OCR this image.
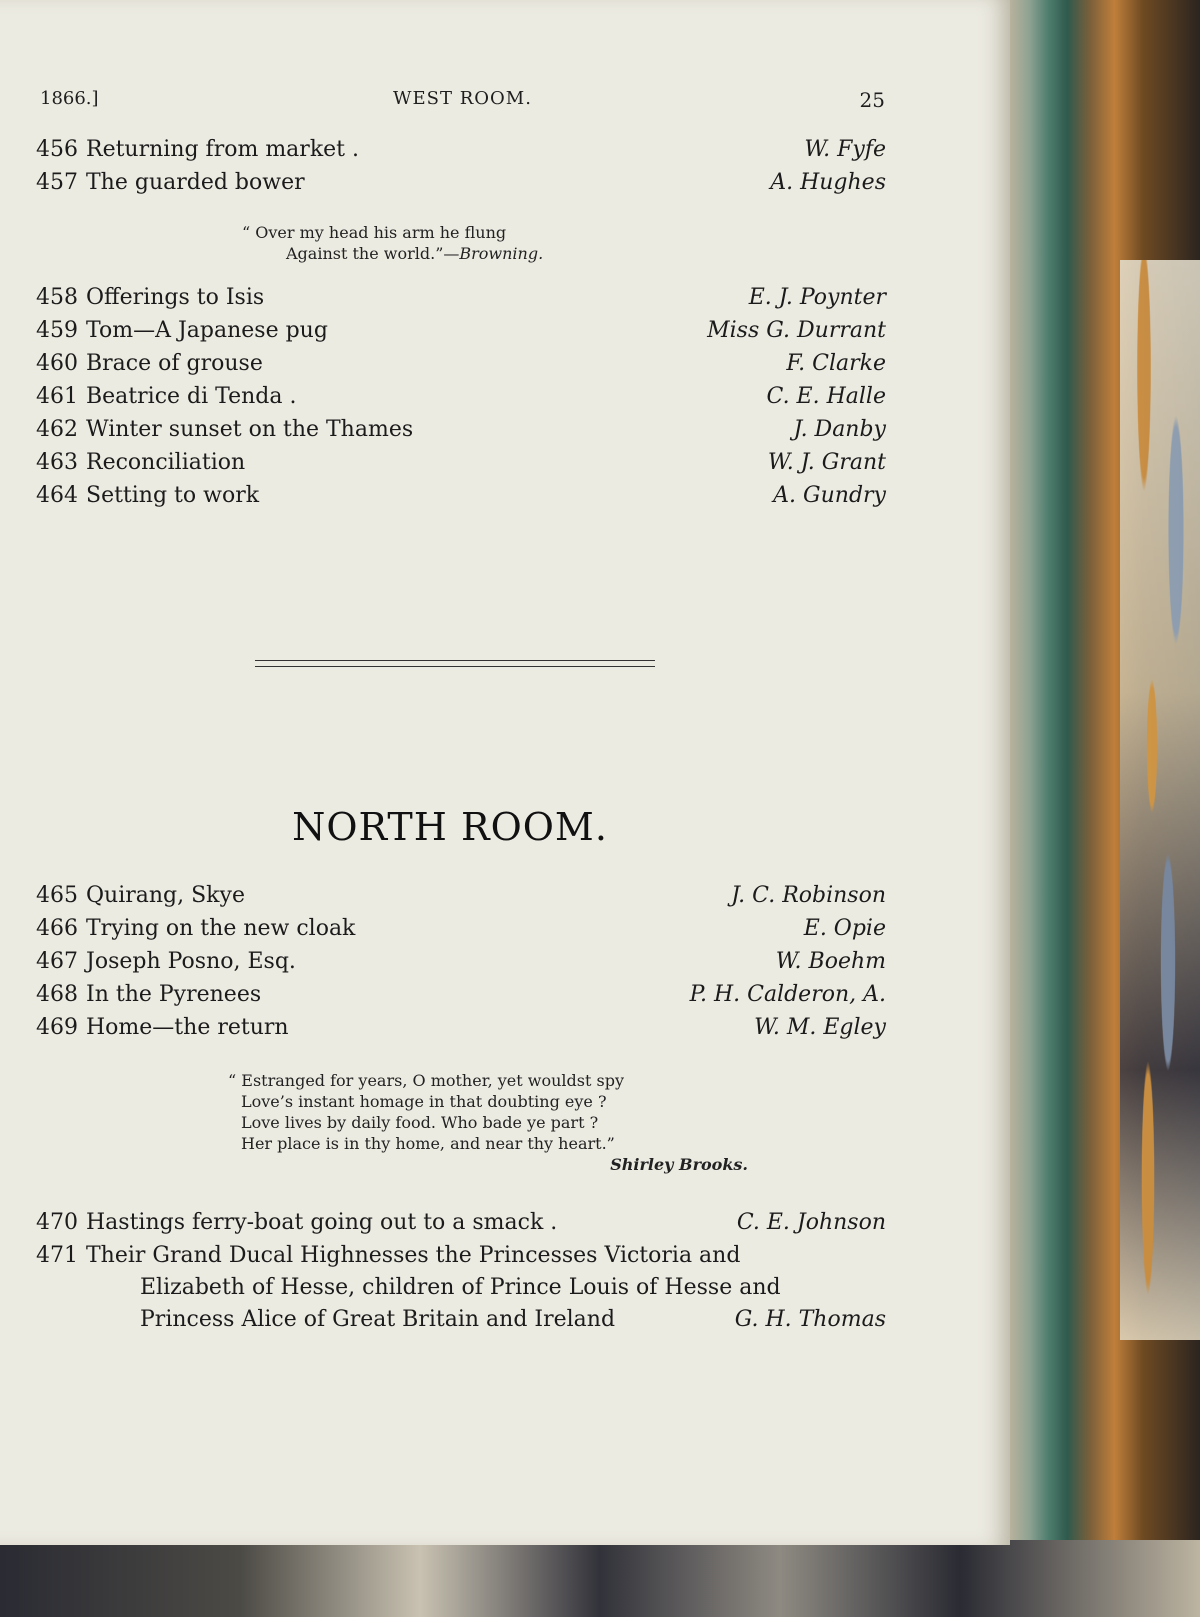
1866.]	WEST ROOM.	25
456 Returning from market .	W. Fyfe
457 The guarded bower	A. Hughes
“ Over my head his arm he flung
Against the world.”—Browning.
458 Offerings to Isis	E. J. Poynter
459 Tom—A Japanese pug	Miss G. Durrant
460 Brace of grouse	F. Clarke
461 Beatrice di Tenda .	C. E. Halle
462 Winter sunset on the Thames	J. Danby
463 Reconciliation	W. J. Grant
464 Setting to work	A. Gundry
NORTH ROOM.
465 Quirang, Skye	J. C. Robinson
466 Trying on the new cloak	E. Opie
467 Joseph Posno, Esq.	W. Boehm
468 In the Pyrenees	P. H. Calderon, A.
469 Home—the return	W. M. Egley
“ Estranged for years, O mother, yet wouldst spy
Love’s instant homage in that doubting eye ?
Love lives by daily food. Who bade ye part ?
Her place is in thy home, and near thy heart.”
Shirley Brooks.
470 Hastings ferry-boat going out to a smack .	C. E. Johnson
471 Their Grand Ducal Highnesses the Princesses Victoria and
Elizabeth of Hesse, children of Prince Louis of Hesse and
Princess Alice of Great Britain and Ireland	G. H. Thomas
